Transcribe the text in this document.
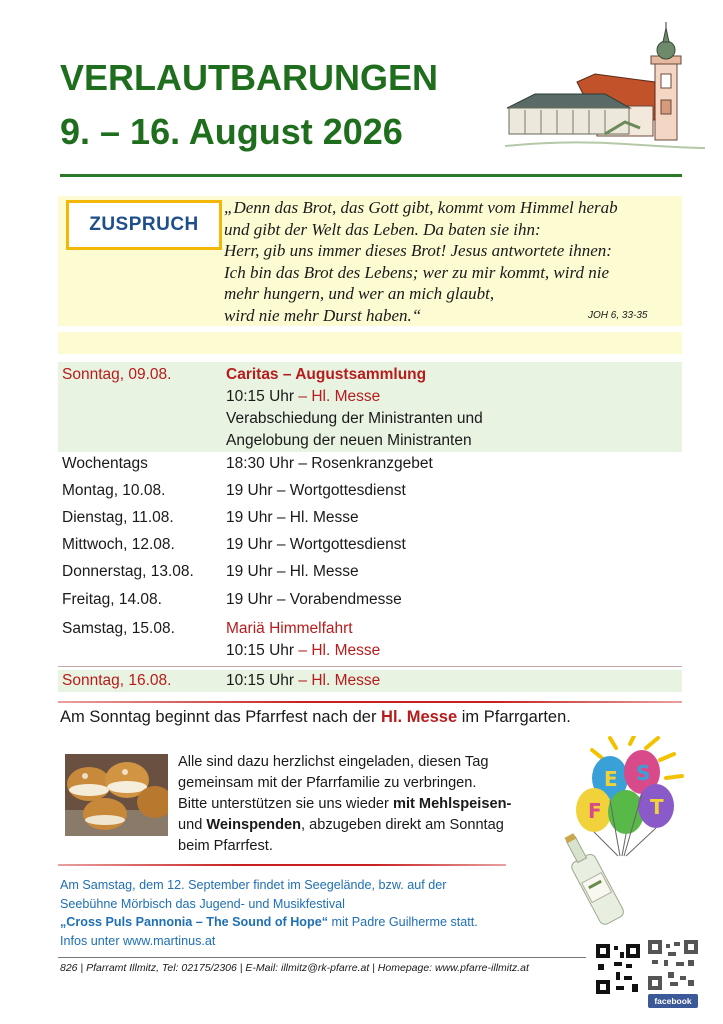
VERLAUTBARUNGEN
9. – 16. August 2026
ZUSPRUCH
„Denn das Brot, das Gott gibt, kommt vom Himmel herab
und gibt der Welt das Leben. Da baten sie ihn:
Herr, gib uns immer dieses Brot! Jesus antwortete ihnen:
Ich bin das Brot des Lebens; wer zu mir kommt, wird nie
mehr hungern, und wer an mich glaubt,
wird nie mehr Durst haben.“	JOH 6, 33-35
Sonntag, 09.08.	Caritas – Augustsammlung
10:15 Uhr – Hl. Messe
Verabschiedung der Ministranten und
Angelobung der neuen Ministranten
Wochentags	18:30 Uhr – Rosenkranzgebet
Montag, 10.08.	19 Uhr – Wortgottesdienst
Dienstag, 11.08.	19 Uhr – Hl. Messe
Mittwoch, 12.08.	19 Uhr – Wortgottesdienst
Donnerstag, 13.08. 19 Uhr – Hl. Messe
Freitag, 14.08.	19 Uhr – Vorabendmesse
Samstag, 15.08.	Mariä Himmelfahrt
10:15 Uhr – Hl. Messe
Sonntag, 16.08.	10:15 Uhr – Hl. Messe
Am Sonntag beginnt das Pfarrfest nach der Hl. Messe im Pfarrgarten.
Alle sind dazu herzlichst eingeladen, diesen Tag
gemeinsam mit der Pfarrfamilie zu verbringen.
Bitte unterstützen sie uns wieder mit Mehlspeisen-
und Weinspenden, abzugeben direkt am Sonntag
beim Pfarrfest.
E S
F T
Am Samstag, dem 12. September findet im Seegelände, bzw. auf der
Seebühne Mörbisch das Jugend- und Musikfestival
„Cross Puls Pannonia – The Sound of Hope“ mit Padre Guilherme statt.
Infos unter www.martinus.at
826 | Pfarramt Illmitz, Tel: 02175/2306 | E-Mail: illmitz@rk-pfarre.at | Homepage: www.pfarre-illmitz.at
facebook
